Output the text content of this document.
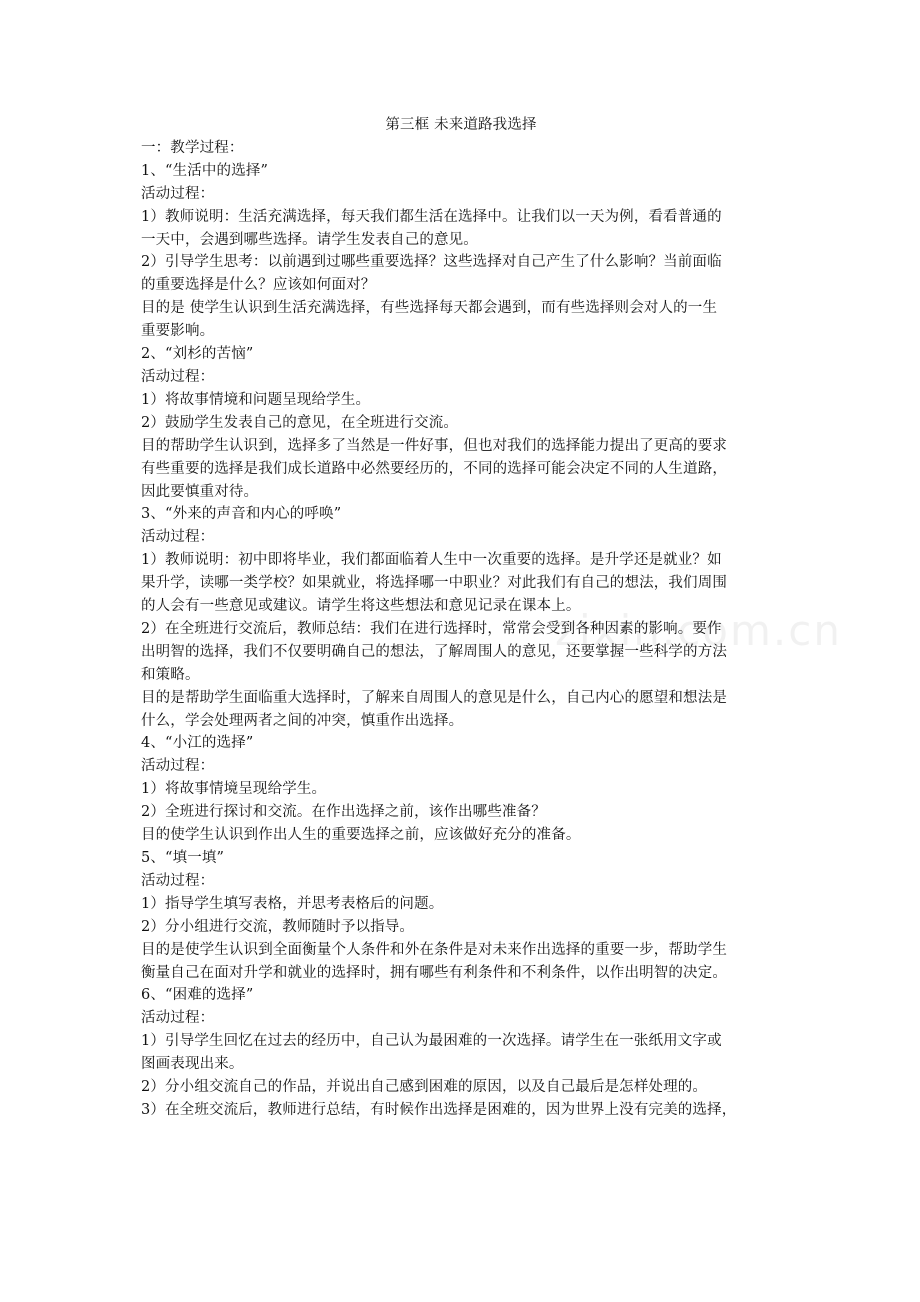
zixin.com.cn
第三框 未来道路我选择
一：教学过程：
1、“生活中的选择”
活动过程：
1）教师说明：生活充满选择，每天我们都生活在选择中。让我们以一天为例，看看普通的
一天中，会遇到哪些选择。请学生发表自己的意见。
2）引导学生思考：以前遇到过哪些重要选择？这些选择对自己产生了什么影响？当前面临
的重要选择是什么？应该如何面对？
目的是 使学生认识到生活充满选择，有些选择每天都会遇到，而有些选择则会对人的一生
重要影响。
2、“刘杉的苦恼”
活动过程：
1）将故事情境和问题呈现给学生。
2）鼓励学生发表自己的意见，在全班进行交流。
目的帮助学生认识到，选择多了当然是一件好事，但也对我们的选择能力提出了更高的要求
有些重要的选择是我们成长道路中必然要经历的，不同的选择可能会决定不同的人生道路，
因此要慎重对待。
3、“外来的声音和内心的呼唤”
活动过程：
1）教师说明：初中即将毕业，我们都面临着人生中一次重要的选择。是升学还是就业？如
果升学，读哪一类学校？如果就业，将选择哪一中职业？对此我们有自己的想法，我们周围
的人会有一些意见或建议。请学生将这些想法和意见记录在课本上。
2）在全班进行交流后，教师总结：我们在进行选择时，常常会受到各种因素的影响。要作
出明智的选择，我们不仅要明确自己的想法，了解周围人的意见，还要掌握一些科学的方法
和策略。
目的是帮助学生面临重大选择时，了解来自周围人的意见是什么，自己内心的愿望和想法是
什么，学会处理两者之间的冲突，慎重作出选择。
4、“小江的选择”
活动过程：
1）将故事情境呈现给学生。
2）全班进行探讨和交流。在作出选择之前，该作出哪些准备？
目的使学生认识到作出人生的重要选择之前，应该做好充分的准备。
5、“填一填”
活动过程：
1）指导学生填写表格，并思考表格后的问题。
2）分小组进行交流，教师随时予以指导。
目的是使学生认识到全面衡量个人条件和外在条件是对未来作出选择的重要一步，帮助学生
衡量自己在面对升学和就业的选择时，拥有哪些有利条件和不利条件，以作出明智的决定。
6、“困难的选择”
活动过程：
1）引导学生回忆在过去的经历中，自己认为最困难的一次选择。请学生在一张纸用文字或
图画表现出来。
2）分小组交流自己的作品，并说出自己感到困难的原因，以及自己最后是怎样处理的。
3）在全班交流后，教师进行总结，有时候作出选择是困难的，因为世界上没有完美的选择，
